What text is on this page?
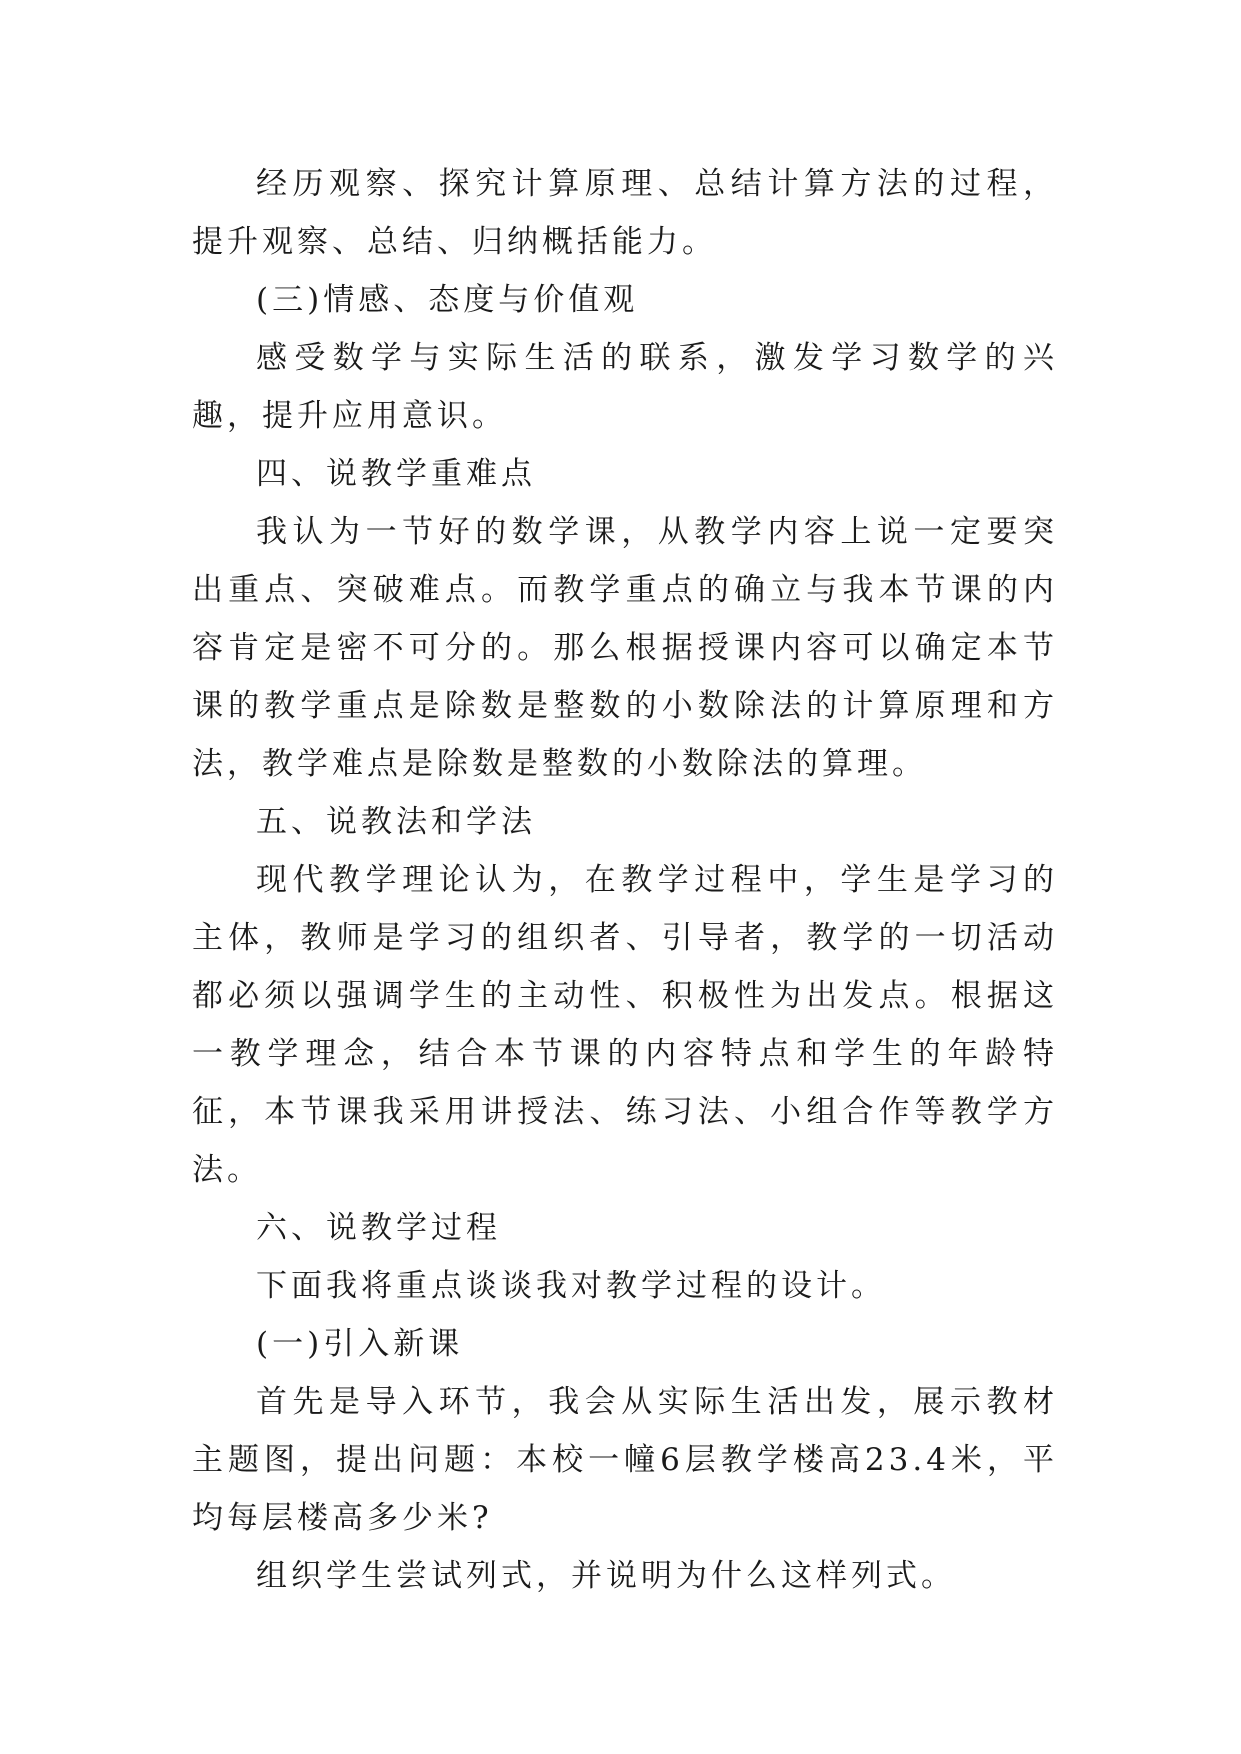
经历观察、探究计算原理、总结计算方法的过程，提升观察、总结、归纳概括能力。

(三)情感、态度与价值观

感受数学与实际生活的联系，激发学习数学的兴趣，提升应用意识。

四、说教学重难点

我认为一节好的数学课，从教学内容上说一定要突出重点、突破难点。而教学重点的确立与我本节课的内容肯定是密不可分的。那么根据授课内容可以确定本节课的教学重点是除数是整数的小数除法的计算原理和方法，教学难点是除数是整数的小数除法的算理。

五、说教法和学法

现代教学理论认为，在教学过程中，学生是学习的主体，教师是学习的组织者、引导者，教学的一切活动都必须以强调学生的主动性、积极性为出发点。根据这一教学理念，结合本节课的内容特点和学生的年龄特征，本节课我采用讲授法、练习法、小组合作等教学方法。

六、说教学过程

下面我将重点谈谈我对教学过程的设计。

(一)引入新课

首先是导入环节，我会从实际生活出发，展示教材主题图，提出问题：本校一幢6层教学楼高23.4米，平均每层楼高多少米?

组织学生尝试列式，并说明为什么这样列式。
